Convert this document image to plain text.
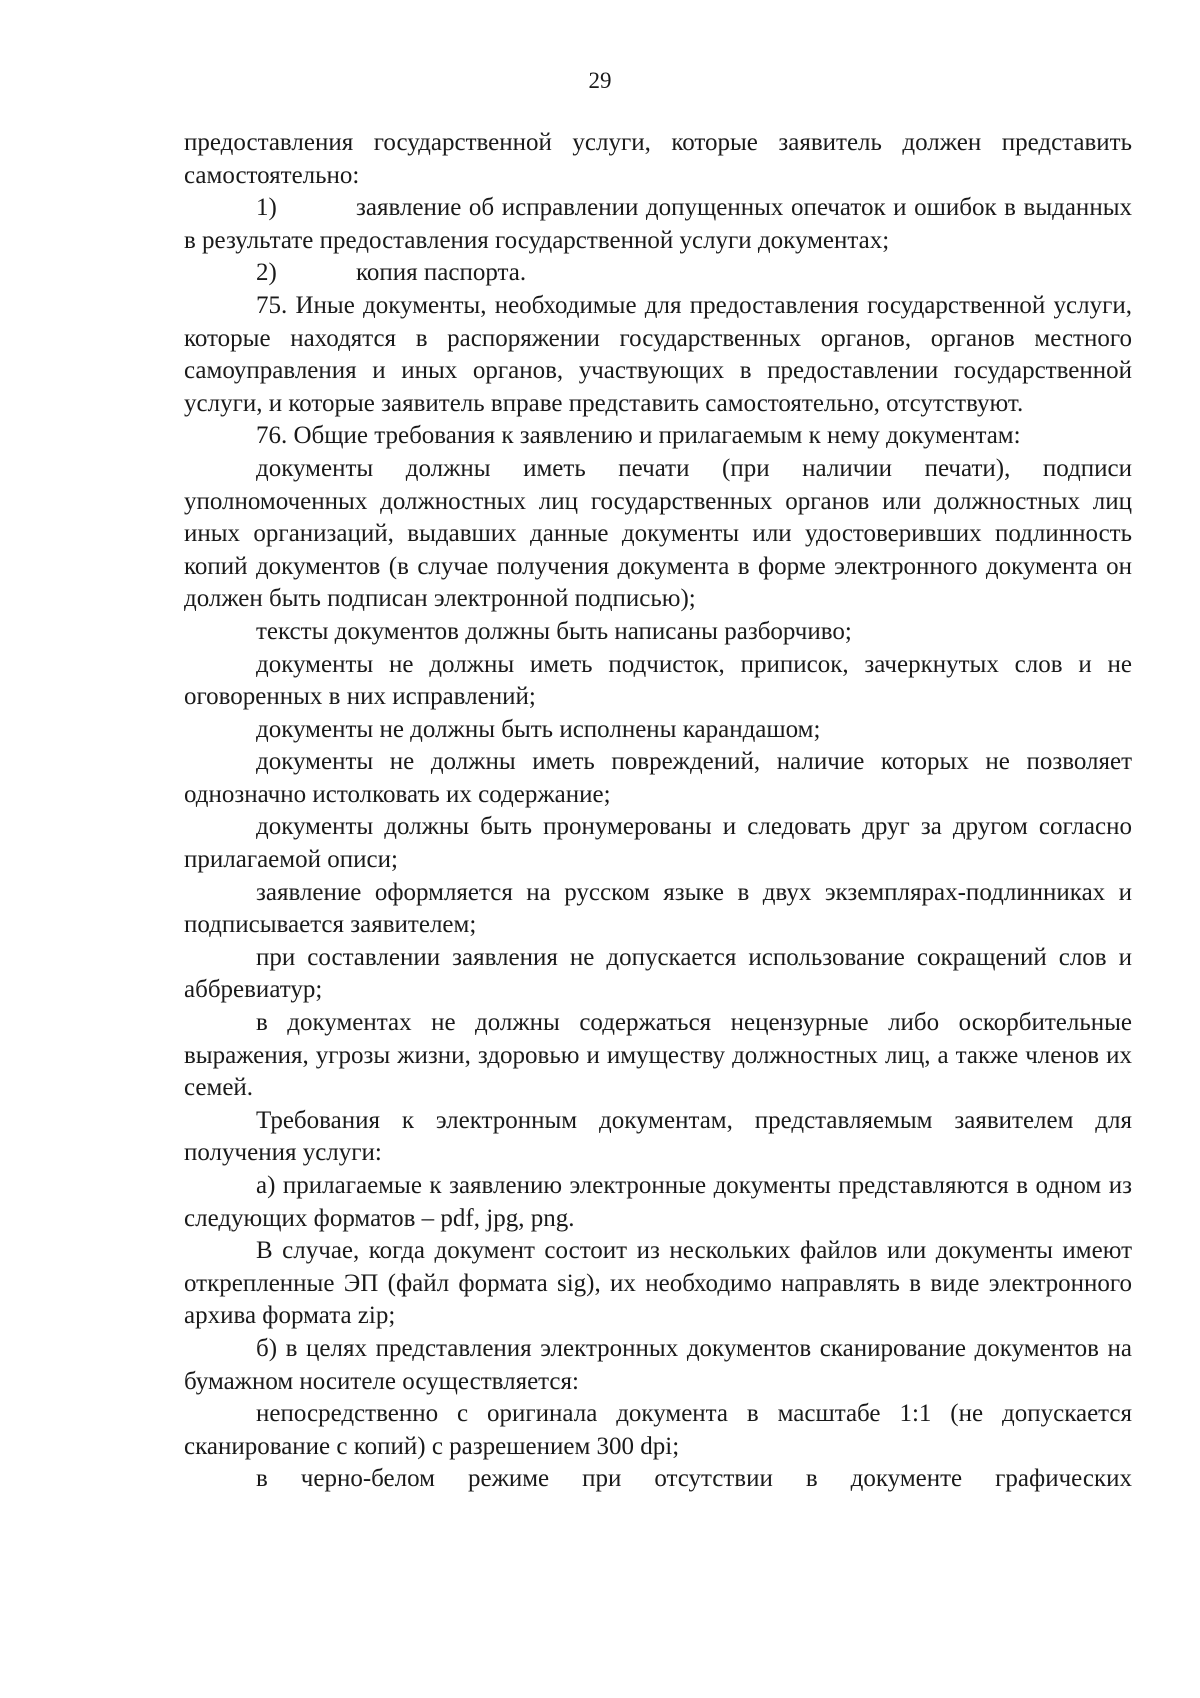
29

предоставления государственной услуги, которые заявитель должен представить самостоятельно:

1)	заявление об исправлении допущенных опечаток и ошибок в выданных в результате предоставления государственной услуги документах;

2)	копия паспорта.

75. Иные документы, необходимые для предоставления государственной услуги, которые находятся в распоряжении государственных органов, органов местного самоуправления и иных органов, участвующих в предоставлении государственной услуги, и которые заявитель вправе представить самостоятельно, отсутствуют.

76. Общие требования к заявлению и прилагаемым к нему документам:

документы должны иметь печати (при наличии печати), подписи уполномоченных должностных лиц государственных органов или должностных лиц иных организаций, выдавших данные документы или удостоверивших подлинность копий документов (в случае получения документа в форме электронного документа он должен быть подписан электронной подписью);

тексты документов должны быть написаны разборчиво;

документы не должны иметь подчисток, приписок, зачеркнутых слов и не оговоренных в них исправлений;

документы не должны быть исполнены карандашом;

документы не должны иметь повреждений, наличие которых не позволяет однозначно истолковать их содержание;

документы должны быть пронумерованы и следовать друг за другом согласно прилагаемой описи;

заявление оформляется на русском языке в двух экземплярах-подлинниках и подписывается заявителем;

при составлении заявления не допускается использование сокращений слов и аббревиатур;

в документах не должны содержаться нецензурные либо оскорбительные выражения, угрозы жизни, здоровью и имуществу должностных лиц, а также членов их семей.

Требования к электронным документам, представляемым заявителем для получения услуги:

а) прилагаемые к заявлению электронные документы представляются в одном из следующих форматов – pdf, jpg, png.

В случае, когда документ состоит из нескольких файлов или документы имеют открепленные ЭП (файл формата sig), их необходимо направлять в виде электронного архива формата zip;

б) в целях представления электронных документов сканирование документов на бумажном носителе осуществляется:

непосредственно с оригинала документа в масштабе 1:1 (не допускается сканирование с копий) с разрешением 300 dpi;

в черно-белом режиме при отсутствии в документе графических
